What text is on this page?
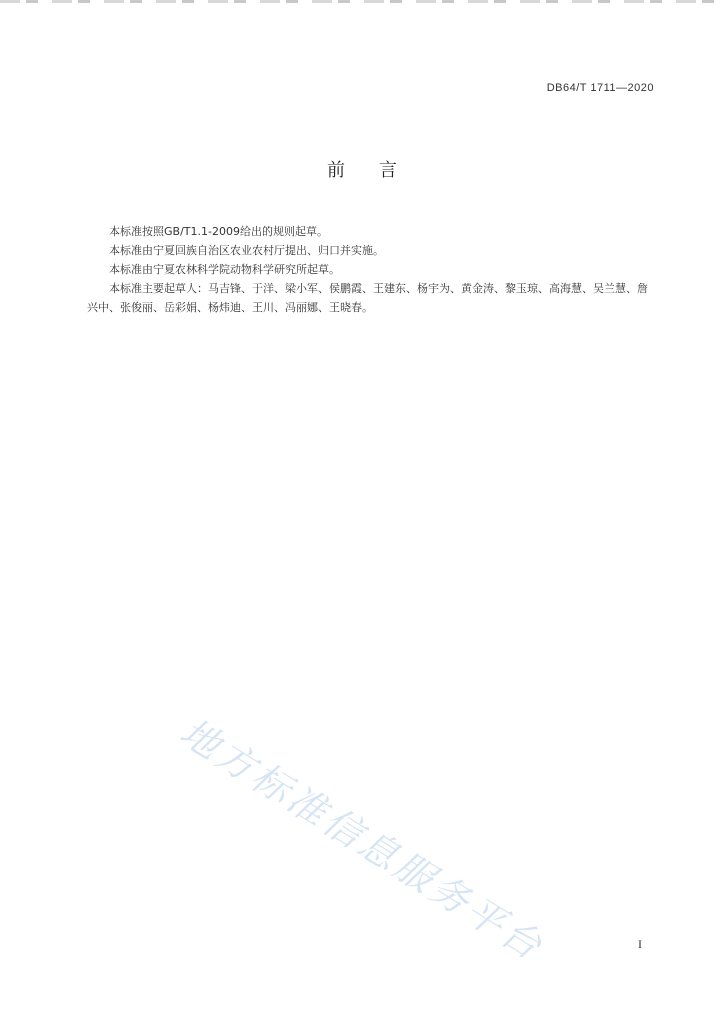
DB64/T 1711—2020
前言

本标准按照GB/T1.1-2009给出的规则起草。

本标准由宁夏回族自治区农业农村厅提出、归口并实施。

本标准由宁夏农林科学院动物科学研究所起草。

本标准主要起草人：马吉锋、于洋、梁小军、侯鹏霞、王建东、杨宇为、黄金涛、黎玉琼、高海慧、吴兰慧、詹兴中、张俊丽、岳彩娟、杨炜迪、王川、冯丽娜、王晓春。

地方标准信息服务平台	I
